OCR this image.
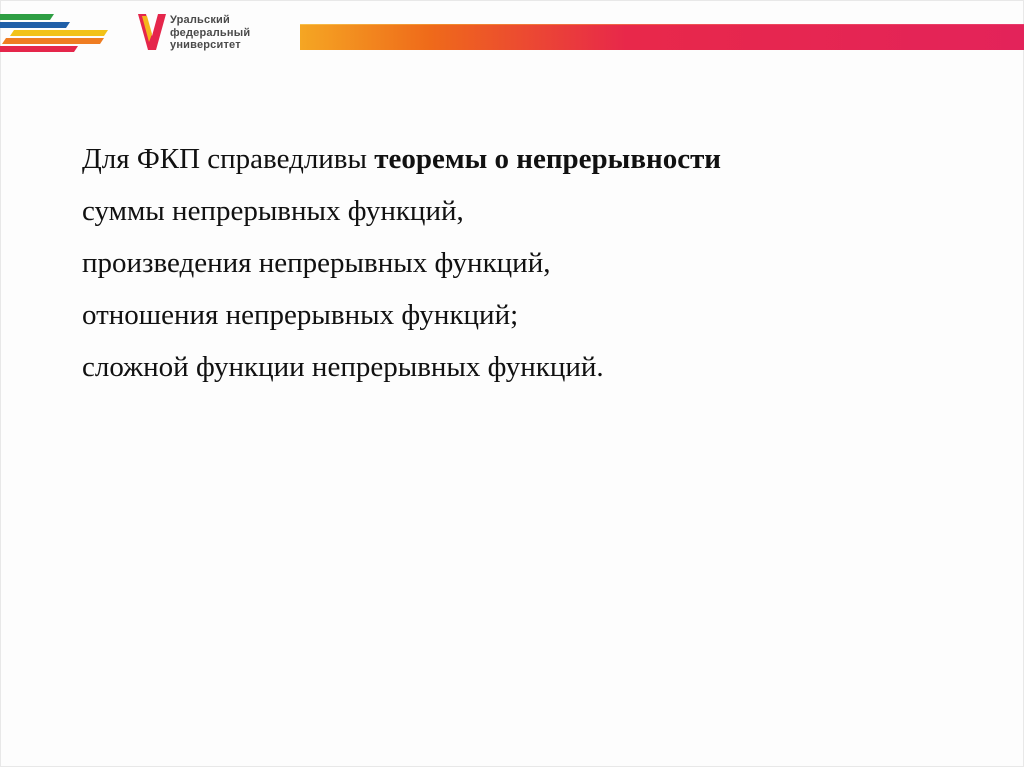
Уральский
федеральный
университет
Для ФКП справедливы теоремы о непрерывности
суммы непрерывных функций,
произведения непрерывных функций,
отношения непрерывных функций;
сложной функции непрерывных функций.
